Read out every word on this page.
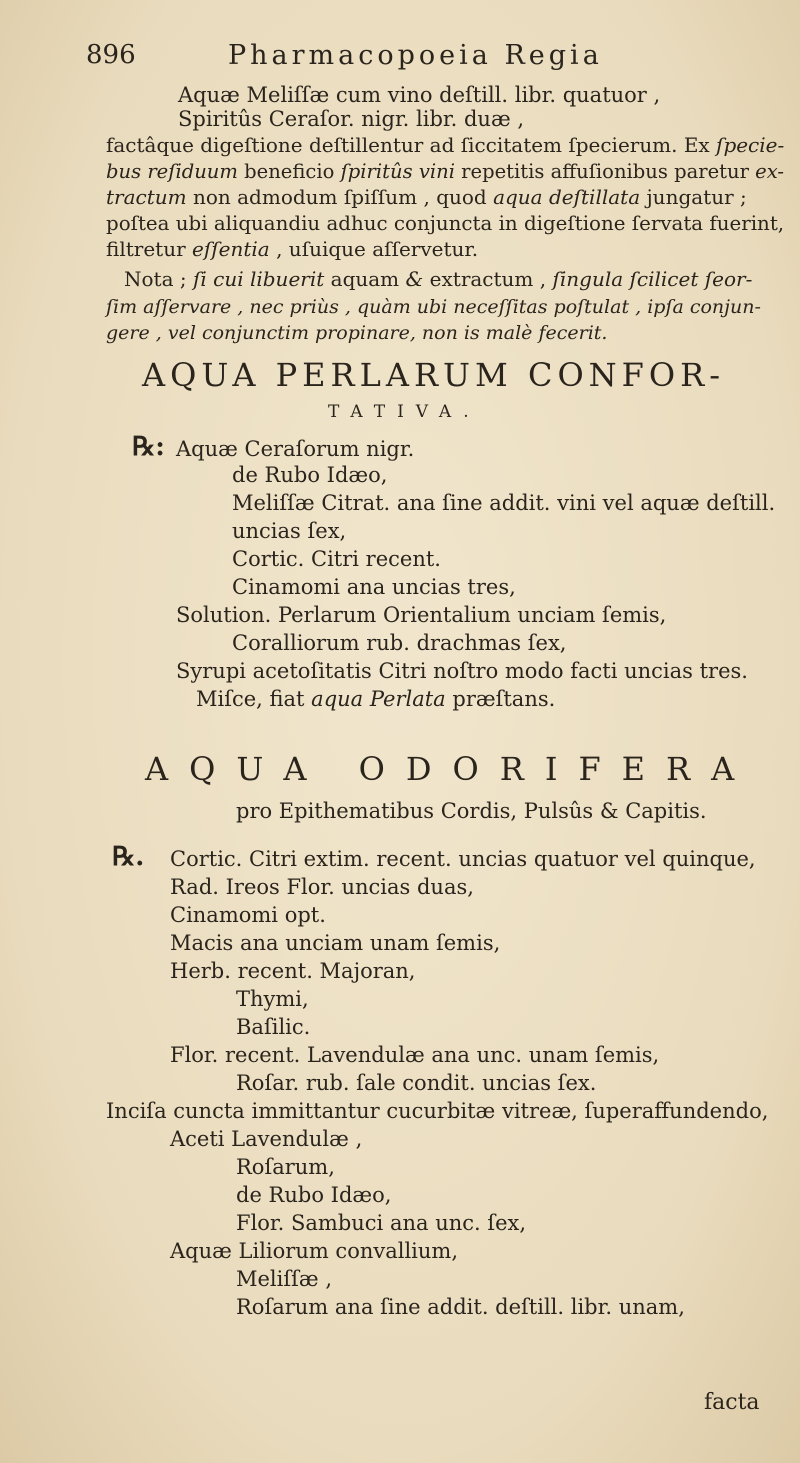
896	Pharmacopoeia Regia
Aquæ Meliſſæ cum vino deſtill. libr. quatuor ,
Spiritûs Ceraſor. nigr. libr. duæ ,
factâque digeſtione deſtillentur ad ſiccitatem ſpecierum. Ex ſpecie-
bus reſiduum beneficio ſpiritûs vini repetitis affuſionibus paretur ex-
tractum non admodum ſpiſſum , quod aqua deſtillata jungatur ;
poſtea ubi aliquandiu adhuc conjuncta in digeſtione ſervata fuerint,
filtretur eſſentia , uſuique aſſervetur.
Nota ; ſi cui libuerit aquam & extractum , ſingula ſcilicet ſeor-
ſim aſſervare , nec priùs , quàm ubi neceſſitas poſtulat , ipſa conjun-
gere , vel conjunctim propinare, non is malè fecerit.
AQUA PERLARUM CONFOR-
TATIVA.
℞: Aquæ Ceraſorum nigr.
de Rubo Idæo,
Meliſſæ Citrat. ana ſine addit. vini vel aquæ deſtill.
uncias ſex,
Cortic. Citri recent.
Cinamomi ana uncias tres,
Solution. Perlarum Orientalium unciam ſemis,
Coralliorum rub. drachmas ſex,
Syrupi acetoſitatis Citri noſtro modo facti uncias tres.
Miſce, fiat aqua Perlata præſtans.
AQUA ODORIFERA
pro Epithematibus Cordis, Pulsûs & Capitis.
℞. Cortic. Citri extim. recent. uncias quatuor vel quinque,
Rad. Ireos Flor. uncias duas,
Cinamomi opt.
Macis ana unciam unam ſemis,
Herb. recent. Majoran,
Thymi,
Baſilic.
Flor. recent. Lavendulæ ana unc. unam ſemis,
Roſar. rub. ſale condit. uncias ſex.
Inciſa cuncta immittantur cucurbitæ vitreæ, ſuperaffundendo,
Aceti Lavendulæ ,
Roſarum,
de Rubo Idæo,
Flor. Sambuci ana unc. ſex,
Aquæ Liliorum convallium,
Meliſſæ ,
Roſarum ana ſine addit. deſtill. libr. unam,
facta
